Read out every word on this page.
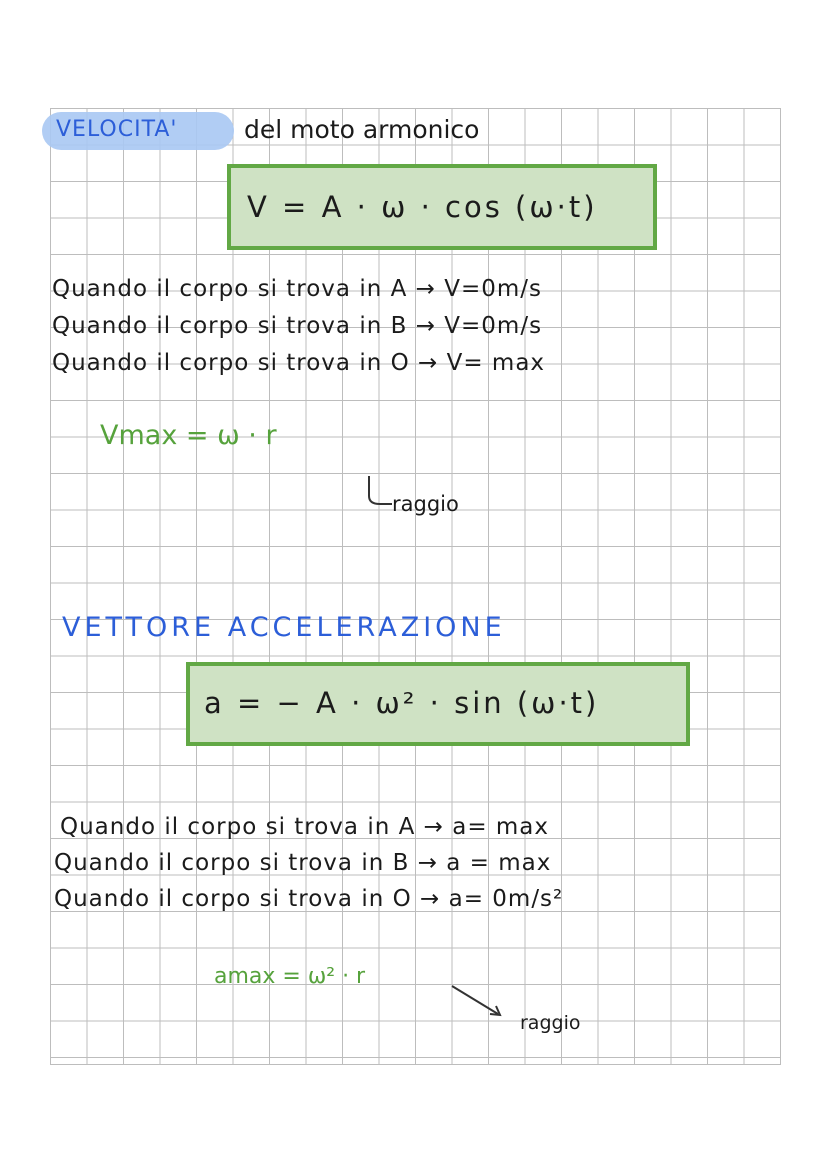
VELOCITA'	del moto armonico
V = A · ω · cos (ω·t)
Quando il corpo si trova in A → V=0m/s
Quando il corpo si trova in B → V=0m/s
Quando il corpo si trova in O → V= max
Vmax = ω · r
raggio
VETTORE ACCELERAZIONE
a = − A · ω² · sin (ω·t)
Quando il corpo si trova in A → a= max
Quando il corpo si trova in B → a = max
Quando il corpo si trova in O → a= 0m/s²
amax = ω² · r
raggio
